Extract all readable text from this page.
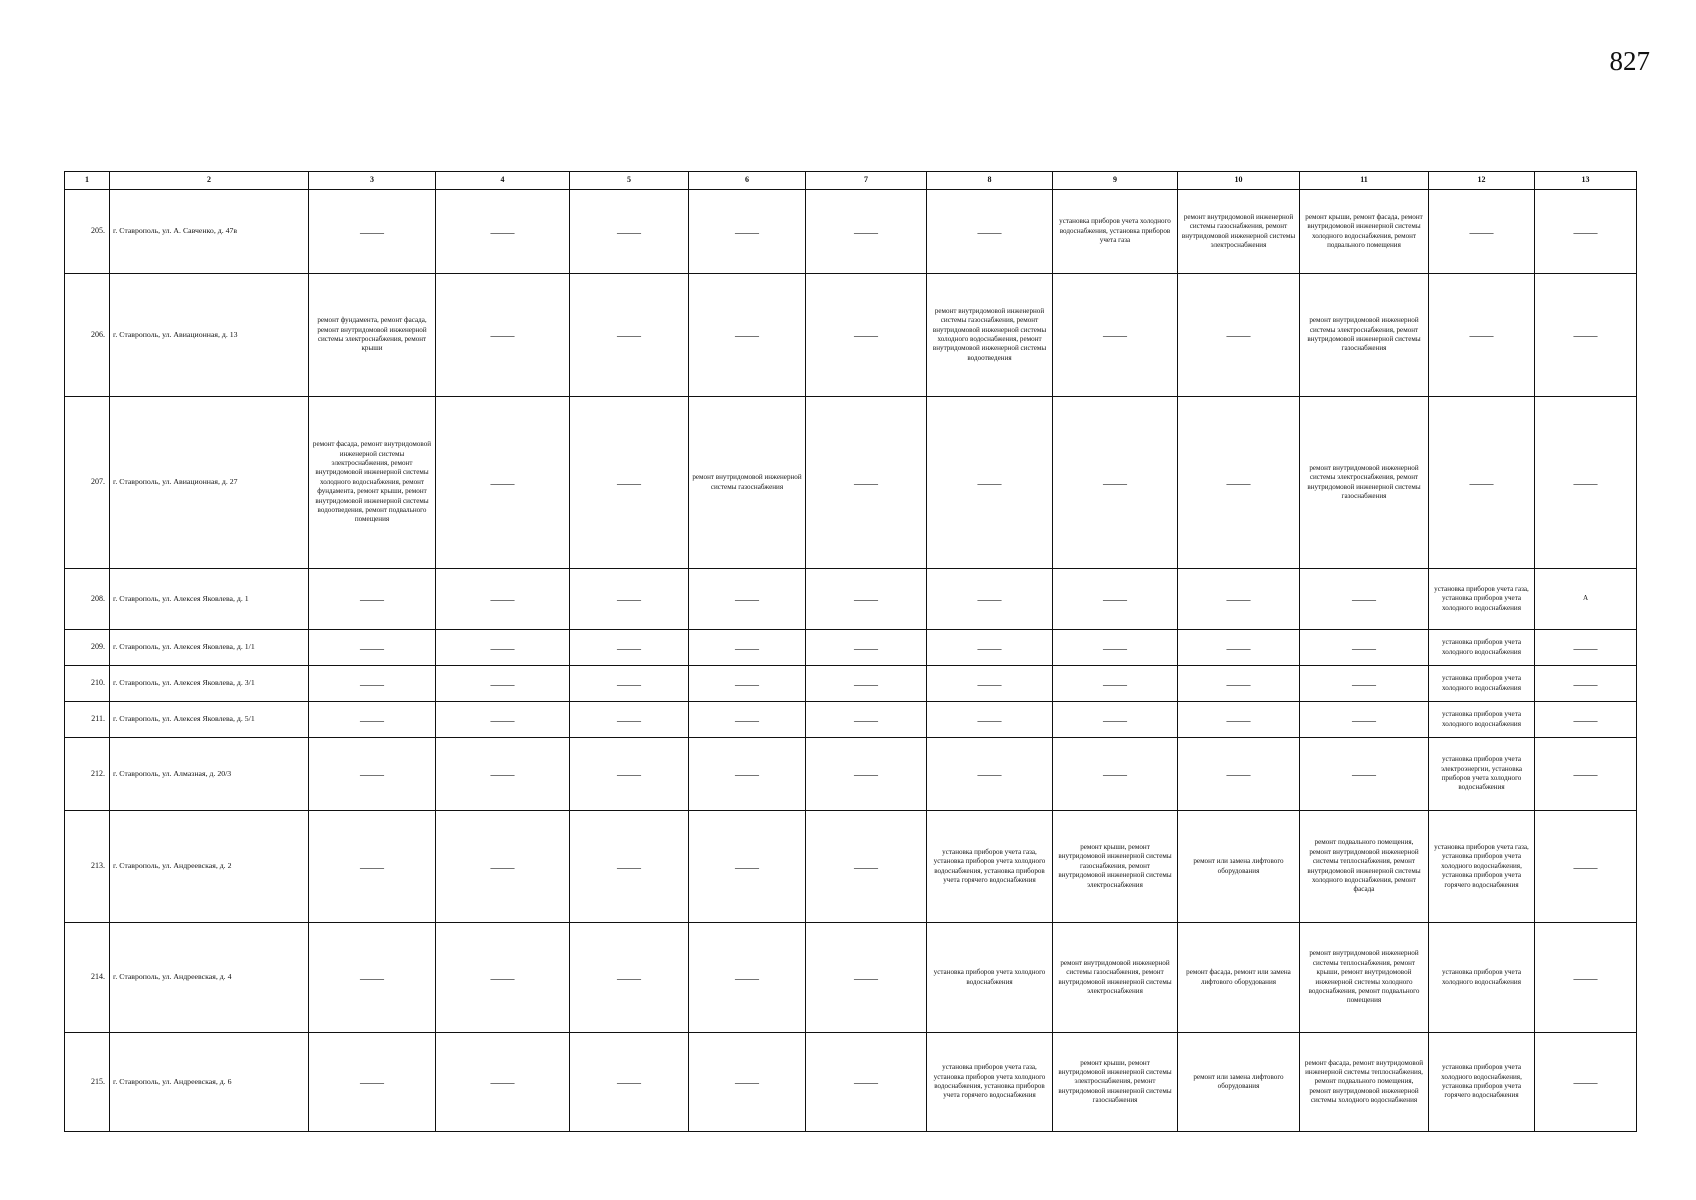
827
1	2	3	4	5	6	7	8	9	10	11	12	13
205.	г. Ставрополь, ул. А. Савченко, д. 47в	——	——	——	——	——	——	установка приборов учета холодного водоснабжения, установка приборов учета газа	ремонт внутридомовой инженерной системы газоснабжения, ремонт внутридомовой инженерной системы электроснабжения	ремонт крыши, ремонт фасада, ремонт внутридомовой инженерной системы холодного водоснабжения, ремонт подвального помещения	——	——
206.	г. Ставрополь, ул. Авиационная, д. 13	ремонт фундамента, ремонт фасада, ремонт внутридомовой инженерной системы электроснабжения, ремонт крыши	——	——	——	——	ремонт внутридомовой инженерной системы газоснабжения, ремонт внутридомовой инженерной системы холодного водоснабжения, ремонт внутридомовой инженерной системы водоотведения	——	——	ремонт внутридомовой инженерной системы электроснабжения, ремонт внутридомовой инженерной системы газоснабжения	——	——
207.	г. Ставрополь, ул. Авиационная, д. 27	ремонт фасада, ремонт внутридомовой инженерной системы электроснабжения, ремонт внутридомовой инженерной системы холодного водоснабжения, ремонт фундамента, ремонт крыши, ремонт внутридомовой инженерной системы водоотведения, ремонт подвального помещения	——	——	ремонт внутридомовой инженерной системы газоснабжения	——	——	——	——	ремонт внутридомовой инженерной системы электроснабжения, ремонт внутридомовой инженерной системы газоснабжения	——	——
208.	г. Ставрополь, ул. Алексея Яковлева, д. 1	——	——	——	——	——	——	——	——	——	установка приборов учета газа, установка приборов учета холодного водоснабжения	А
209.	г. Ставрополь, ул. Алексея Яковлева, д. 1/1	——	——	——	——	——	——	——	——	——	установка приборов учета холодного водоснабжения	——
210.	г. Ставрополь, ул. Алексея Яковлева, д. 3/1	——	——	——	——	——	——	——	——	——	установка приборов учета холодного водоснабжения	——
211.	г. Ставрополь, ул. Алексея Яковлева, д. 5/1	——	——	——	——	——	——	——	——	——	установка приборов учета холодного водоснабжения	——
212.	г. Ставрополь, ул. Алмазная, д. 20/3	——	——	——	——	——	——	——	——	——	установка приборов учета электроэнергии, установка приборов учета холодного водоснабжения	——
213.	г. Ставрополь, ул. Андреевская, д. 2	——	——	——	——	——	установка приборов учета газа, установка приборов учета холодного водоснабжения, установка приборов учета горячего водоснабжения	ремонт крыши, ремонт внутридомовой инженерной системы газоснабжения, ремонт внутридомовой инженерной системы электроснабжения	ремонт или замена лифтового оборудования	ремонт подвального помещения, ремонт внутридомовой инженерной системы теплоснабжения, ремонт внутридомовой инженерной системы холодного водоснабжения, ремонт фасада	установка приборов учета газа, установка приборов учета холодного водоснабжения, установка приборов учета горячего водоснабжения	——
214.	г. Ставрополь, ул. Андреевская, д. 4	——	——	——	——	——	установка приборов учета холодного водоснабжения	ремонт внутридомовой инженерной системы газоснабжения, ремонт внутридомовой инженерной системы электроснабжения	ремонт фасада, ремонт или замена лифтового оборудования	ремонт внутридомовой инженерной системы теплоснабжения, ремонт крыши, ремонт внутридомовой инженерной системы холодного водоснабжения, ремонт подвального помещения	установка приборов учета холодного водоснабжения	——
215.	г. Ставрополь, ул. Андреевская, д. 6	——	——	——	——	——	установка приборов учета газа, установка приборов учета холодного водоснабжения, установка приборов учета горячего водоснабжения	ремонт крыши, ремонт внутридомовой инженерной системы электроснабжения, ремонт внутридомовой инженерной системы газоснабжения	ремонт или замена лифтового оборудования	ремонт фасада, ремонт внутридомовой инженерной системы теплоснабжения, ремонт подвального помещения, ремонт внутридомовой инженерной системы холодного водоснабжения	установка приборов учета холодного водоснабжения, установка приборов учета горячего водоснабжения	——
